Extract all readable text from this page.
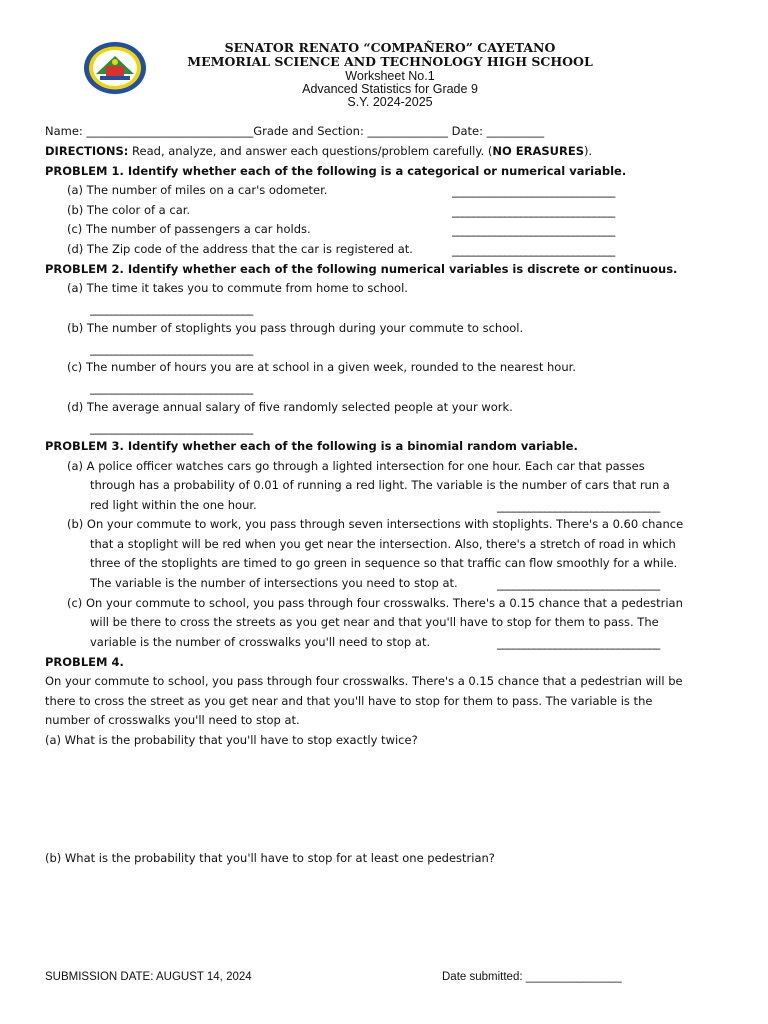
SENATOR RENATO “COMPAÑERO” CAYETANO
MEMORIAL SCIENCE AND TECHNOLOGY HIGH SCHOOL
Worksheet No.1
Advanced Statistics for Grade 9
S.Y. 2024-2025
Name: _____________________________Grade and Section: ______________ Date: __________
DIRECTIONS: Read, analyze, and answer each questions/problem carefully. (NO ERASURES).
PROBLEM 1. Identify whether each of the following is a categorical or numerical variable.
(a) The number of miles on a car's odometer.	_______________________________
(b) The color of a car.	_______________________________
(c) The number of passengers a car holds.	_______________________________
(d) The Zip code of the address that the car is registered at.	_______________________________
PROBLEM 2. Identify whether each of the following numerical variables is discrete or continuous.
(a) The time it takes you to commute from home to school.
_______________________________
(b) The number of stoplights you pass through during your commute to school.
_______________________________
(c) The number of hours you are at school in a given week, rounded to the nearest hour.
_______________________________
(d) The average annual salary of five randomly selected people at your work.
_______________________________
PROBLEM 3. Identify whether each of the following is a binomial random variable.
(a) A police officer watches cars go through a lighted intersection for one hour. Each car that passes
through has a probability of 0.01 of running a red light. The variable is the number of cars that run a
red light within the one hour.	_______________________________
(b) On your commute to work, you pass through seven intersections with stoplights. There's a 0.60 chance
that a stoplight will be red when you get near the intersection. Also, there's a stretch of road in which
three of the stoplights are timed to go green in sequence so that traffic can flow smoothly for a while.
The variable is the number of intersections you need to stop at.	_______________________________
(c) On your commute to school, you pass through four crosswalks. There's a 0.15 chance that a pedestrian
will be there to cross the streets as you get near and that you'll have to stop for them to pass. The
variable is the number of crosswalks you'll need to stop at.	_______________________________
PROBLEM 4.
On your commute to school, you pass through four crosswalks. There's a 0.15 chance that a pedestrian will be
there to cross the street as you get near and that you'll have to stop for them to pass. The variable is the
number of crosswalks you'll need to stop at.
(a) What is the probability that you'll have to stop exactly twice?
(b) What is the probability that you'll have to stop for at least one pedestrian?
SUBMISSION DATE: AUGUST 14, 2024	Date submitted: _______________
